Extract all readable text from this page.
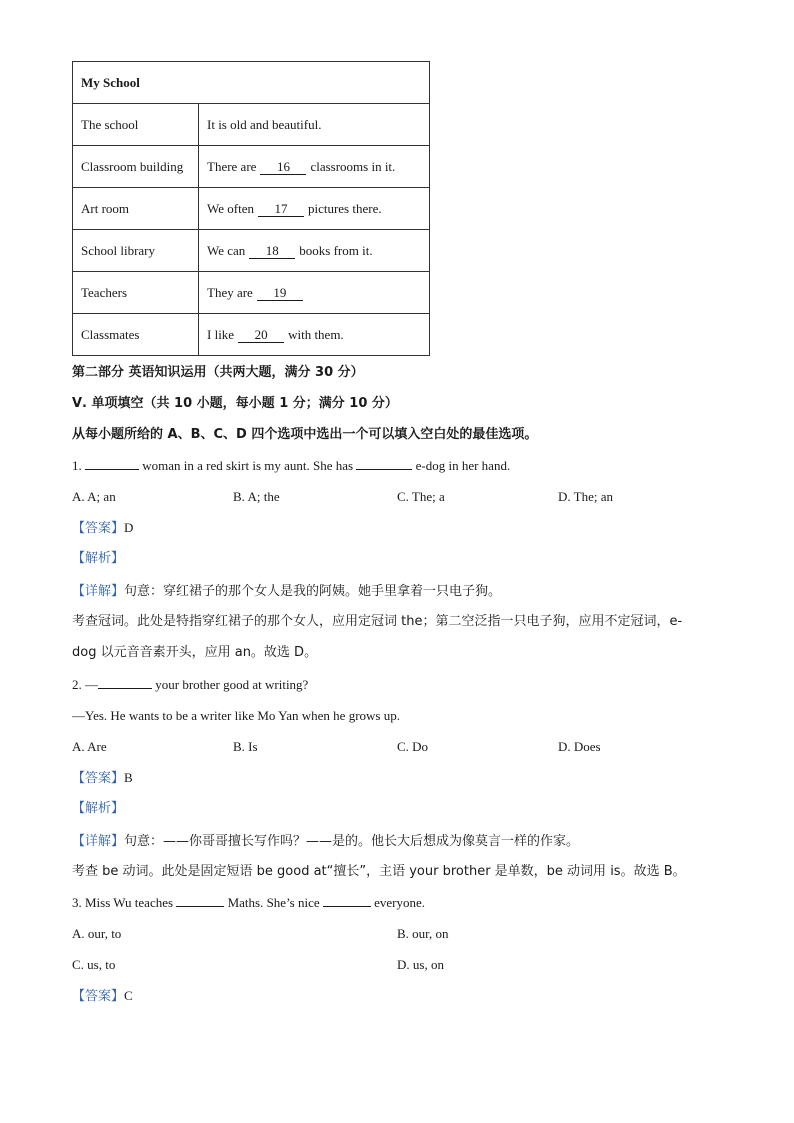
My School	
The school	It is old and beautiful.
Classroom building	There are 16 classrooms in it.
Art room	We often 17 pictures there.
School library	We can 18 books from it.
Teachers	They are 19
Classmates	I like 20 with them.
第二部分 英语知识运用（共两大题，满分 30 分）
Ⅴ. 单项填空（共 10 小题，每小题 1 分；满分 10 分）
从每小题所给的 A、B、C、D 四个选项中选出一个可以填入空白处的最佳选项。
1.	woman in a red skirt is my aunt. She has	e-dog in her hand.
A. A; an	B. A; the	C. The; a	D. The; an
【答案】D
【解析】
【详解】句意：穿红裙子的那个女人是我的阿姨。她手里拿着一只电子狗。
考查冠词。此处是特指穿红裙子的那个女人，应用定冠词 the；第二空泛指一只电子狗，应用不定冠词，e-
dog 以元音音素开头，应用 an。故选 D。
2. —	your brother good at writing?
—Yes. He wants to be a writer like Mo Yan when he grows up.
A. Are	B. Is	C. Do	D. Does
【答案】B
【解析】
【详解】句意：——你哥哥擅长写作吗？——是的。他长大后想成为像莫言一样的作家。
考查 be 动词。此处是固定短语 be good at“擅长”，主语 your brother 是单数，be 动词用 is。故选 B。
3. Miss Wu teaches	Maths. She’s nice	everyone.
A. our, to	B. our, on
C. us, to	D. us, on
【答案】C
